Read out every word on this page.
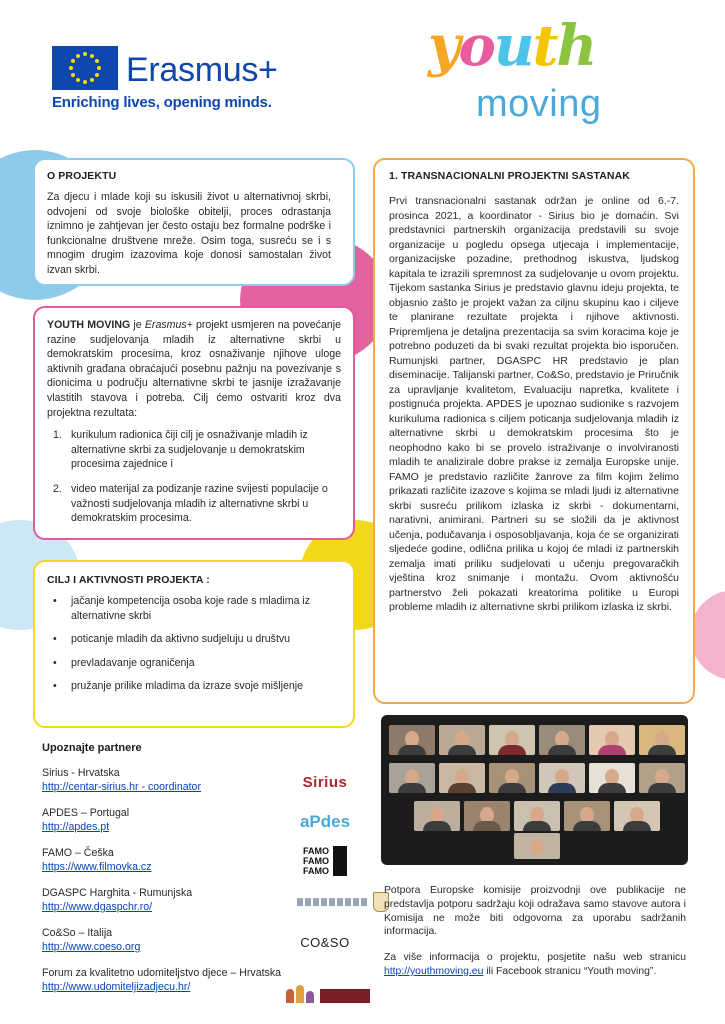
Erasmus+
Enriching lives, opening minds.
youth
moving
O PROJEKTU

Za djecu i mlade koji su iskusili život u alternativnoj skrbi, odvojeni od svoje biološke obitelji, proces odrastanja iznimno je zahtjevan jer često ostaju bez formalne podrške i funkcionalne društvene mreže. Osim toga, susreću se i s mnogim drugim izazovima koje donosi samostalan život izvan skrbi.

YOUTH MOVING je Erasmus+ projekt usmjeren na povećanje razine sudjelovanja mladih iz alternativne skrbi u demokratskim procesima, kroz osnaživanje njihove uloge aktivnih građana obraćajući posebnu pažnju na povezivanje s dionicima u području alternativne skrbi te jasnije izražavanje vlastitih stavova i potreba. Cilj ćemo ostvariti kroz dva projektna rezultata:

1. kurikulum radionica čiji cilj je osnaživanje mladih iz alternativne skrbi za sudjelovanje u demokratskim procesima zajednice i
2. video materijal za podizanje razine svijesti populacije o važnosti sudjelovanja mladih iz alternativne skrbi u demokratskim procesima.
CILJ I AKTIVNOSTI PROJEKTA :
• jačanje kompetencija osoba koje rade s mladima iz alternativne skrbi
• poticanje mladih da aktivno sudjeluju u društvu
• prevladavanje ograničenja
• pružanje prilike mladima da izraze svoje mišljenje
1. TRANSNACIONALNI PROJEKTNI SASTANAK

Prvi transnacionalni sastanak održan je online od 6.-7. prosinca 2021, a koordinator - Sirius bio je domaćin. Svi predstavnici partnerskih organizacija predstavili su svoje organizacije u pogledu opsega utjecaja i implementacije, organizacijske pozadine, prethodnog iskustva, ljudskog kapitala te izrazili spremnost za sudjelovanje u ovom projektu. Tijekom sastanka Sirius je predstavio glavnu ideju projekta, te objasnio zašto je projekt važan za ciljnu skupinu kao i ciljeve te planirane rezultate projekta i njihove aktivnosti. Pripremljena je detaljna prezentacija sa svim koracima koje je potrebno poduzeti da bi svaki rezultat projekta bio isporučen. Rumunjski partner, DGASPC HR predstavio je plan diseminacije. Talijanski partner, Co&So, predstavio je Priručnik za upravljanje kvalitetom, Evaluaciju napretka, kvalitete i postignuća projekta. APDES je upoznao sudionike s razvojem kurikuluma radionica s ciljem poticanja sudjelovanja mladih iz alternativne skrbi u demokratskim procesima što je neophodno kako bi se provelo istraživanje o involviranosti mladih te analizirale dobre prakse iz zemalja Europske unije. FAMO je predstavio različite žanrove za film kojim želimo prikazati različite izazove s kojima se mladi ljudi iz alternativne skrbi susreću prilikom izlaska iz skrbi - dokumentarni, narativni, animirani. Partneri su se složili da je aktivnost učenja, podučavanja i osposobljavanja, koja će se organizirati sljedeće godine, odlična prilika u kojoj će mladi iz partnerskih zemalja imati priliku sudjelovati u učenju pregovaračkih vještina kroz snimanje i montažu. Ovom aktivnošću partnerstvo želi pokazati kreatorima politike u Europi probleme mladih iz alternativne skrbi prilikom izlaska iz skrbi.

Upoznajte partnere
Sirius - Hrvatska
http://centar-sirius.hr - coordinator	Sirius
APDES – Portugal
http://apdes.pt	aPdes
FAMO – Češka
https://www.filmovka.cz
FAMO
FAMO
FAMO
DGASPC Harghita - Rumunjska
http://www.dgaspchr.ro/
Co&So – Italija
http://www.coeso.org	CO&SO
Forum za kvalitetno udomiteljstvo djece – Hrvatska
http://www.udomiteljizadjecu.hr/

Potpora Europske komisije proizvodnji ove publikacije ne predstavlja potporu sadržaju koji odražava samo stavove autora i Komisija ne može biti odgovorna za uporabu sadržanih informacija.

Za više informacija o projektu, posjetite našu web stranicu http://youthmoving.eu ili Facebook stranicu “Youth moving”.
